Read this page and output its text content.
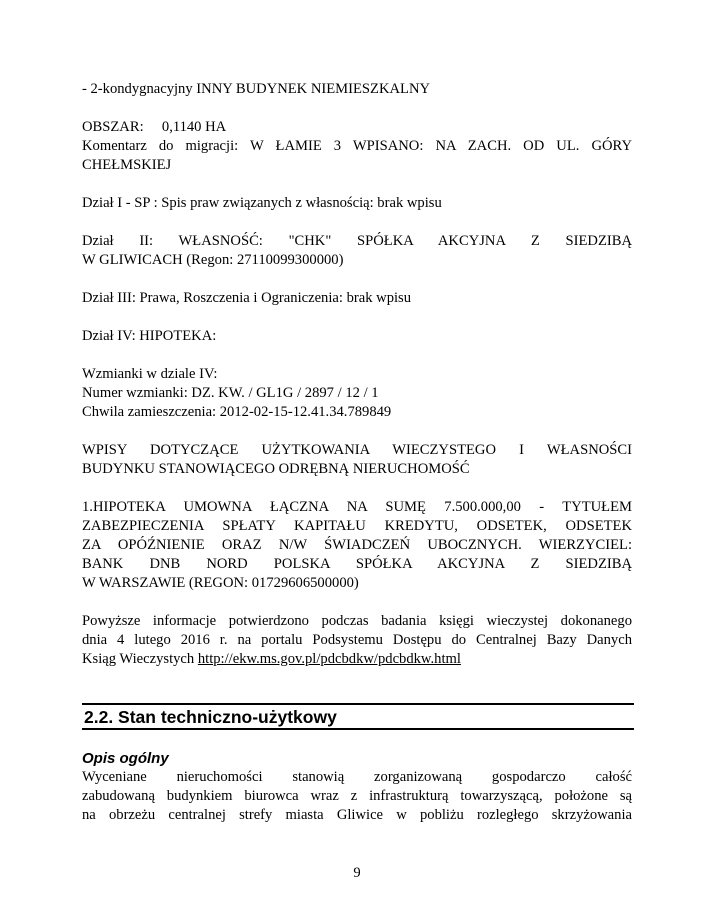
- 2-kondygnacyjny INNY BUDYNEK NIEMIESZKALNY

OBSZAR: 0,1140 HA

Komentarz do migracji: W ŁAMIE 3 WPISANO: NA ZACH. OD UL. GÓRY

CHEŁMSKIEJ

Dział I - SP : Spis praw związanych z własnością: brak wpisu

Dział II: WŁASNOŚĆ: "CHK" SPÓŁKA AKCYJNA Z SIEDZIBĄ

W GLIWICACH (Regon: 27110099300000)

Dział III: Prawa, Roszczenia i Ograniczenia: brak wpisu

Dział IV: HIPOTEKA:

Wzmianki w dziale IV:

Numer wzmianki: DZ. KW. / GL1G / 2897 / 12 / 1

Chwila zamieszczenia: 2012-02-15-12.41.34.789849

WPISY DOTYCZĄCE UŻYTKOWANIA WIECZYSTEGO I WŁASNOŚCI

BUDYNKU STANOWIĄCEGO ODRĘBNĄ NIERUCHOMOŚĆ

1.HIPOTEKA UMOWNA ŁĄCZNA NA SUMĘ 7.500.000,00 - TYTUŁEM

ZABEZPIECZENIA SPŁATY KAPITAŁU KREDYTU, ODSETEK, ODSETEK

ZA OPÓŹNIENIE ORAZ N/W ŚWIADCZEŃ UBOCZNYCH. WIERZYCIEL:

BANK DNB NORD POLSKA SPÓŁKA AKCYJNA Z SIEDZIBĄ

W WARSZAWIE (REGON: 01729606500000)

Powyższe informacje potwierdzono podczas badania księgi wieczystej dokonanego

dnia 4 lutego 2016 r. na portalu Podsystemu Dostępu do Centralnej Bazy Danych

Ksiąg Wieczystych http://ekw.ms.gov.pl/pdcbdkw/pdcbdkw.html

2.2. Stan techniczno-użytkowy
Opis ogólny

Wyceniane nieruchomości stanowią zorganizowaną gospodarczo całość

zabudowaną budynkiem biurowca wraz z infrastrukturą towarzyszącą, położone są

na obrzeżu centralnej strefy miasta Gliwice w pobliżu rozległego skrzyżowania

9
